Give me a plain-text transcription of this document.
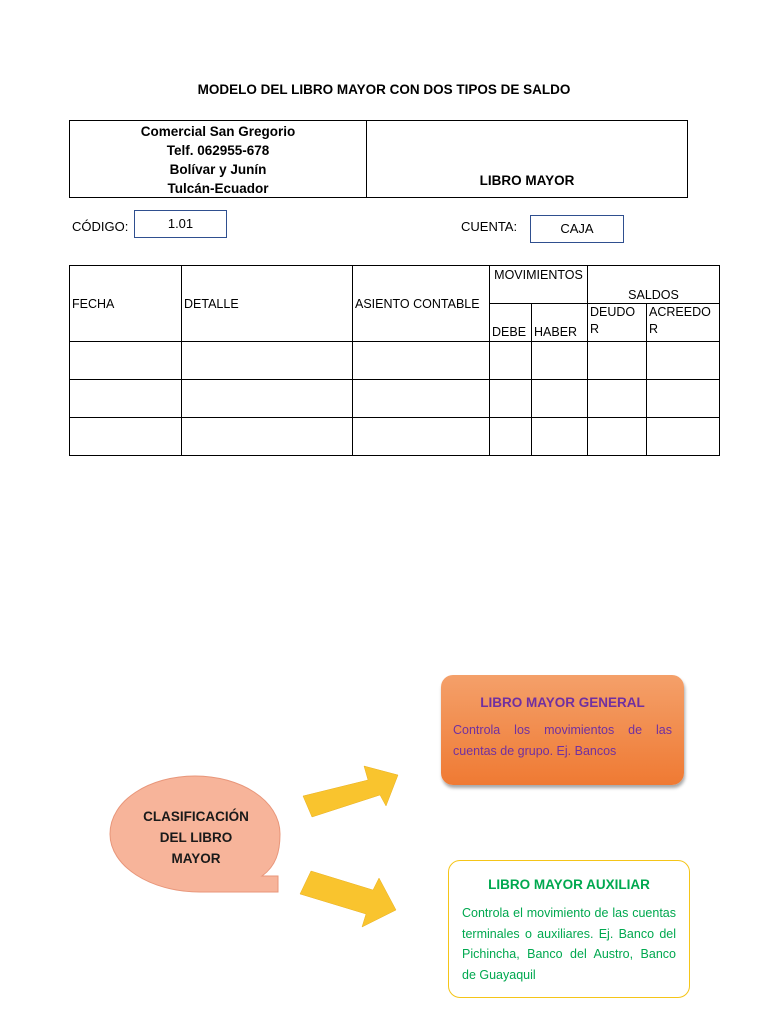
MODELO DEL LIBRO MAYOR CON DOS TIPOS DE SALDO
Comercial San Gregorio
Telf. 062955-678
Bolívar y Junín
Tulcán-Ecuador
LIBRO MAYOR
CÓDIGO:	1.01	CUENTA:	CAJA
FECHA	DETALLE	ASIENTO CONTABLE	MOVIMIENTOS		SALDOS	
			DEBE	HABER	DEUDOR	ACREEDOR

CLASIFICACIÓN
DEL LIBRO
MAYOR
LIBRO MAYOR GENERAL
Controla los movimientos de las cuentas de grupo. Ej. Bancos
LIBRO MAYOR AUXILIAR
Controla el movimiento de las cuentas terminales o auxiliares. Ej. Banco del Pichincha, Banco del Austro, Banco de Guayaquil
